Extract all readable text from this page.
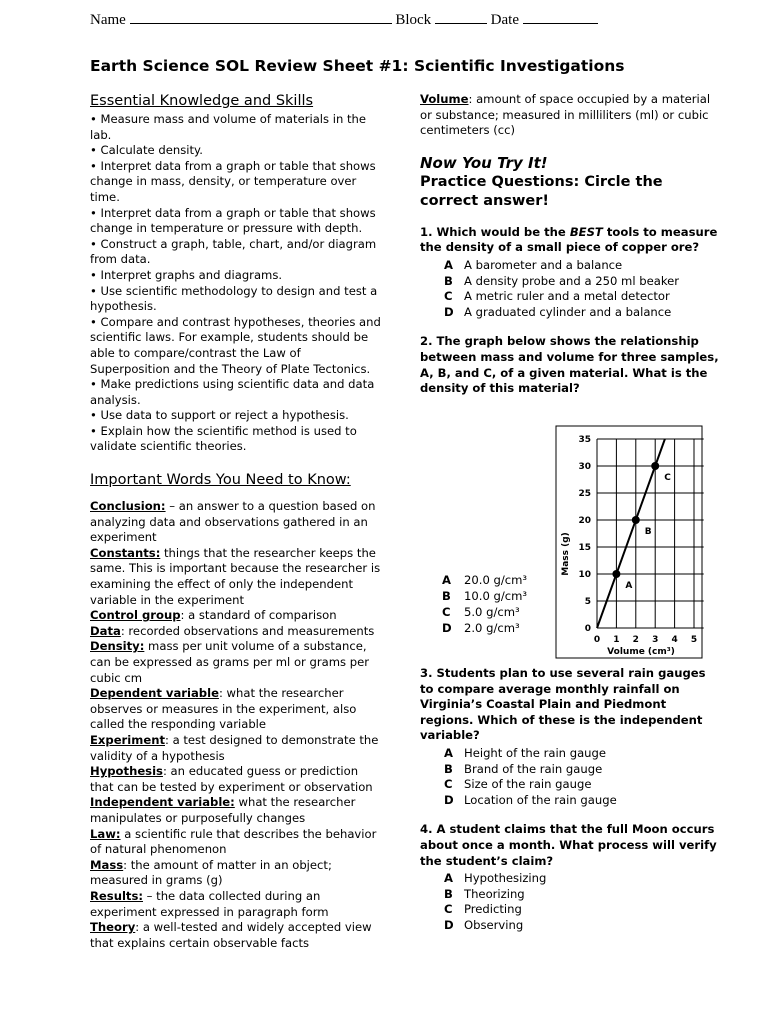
Name	Block	Date
Earth Science SOL Review Sheet #1: Scientific Investigations
Essential Knowledge and Skills

• Measure mass and volume of materials in the lab.

• Calculate density.

• Interpret data from a graph or table that shows change in mass, density, or temperature over time.

• Interpret data from a graph or table that shows change in temperature or pressure with depth.

• Construct a graph, table, chart, and/or diagram from data.

• Interpret graphs and diagrams.

• Use scientific methodology to design and test a hypothesis.

• Compare and contrast hypotheses, theories and scientific laws. For example, students should be able to compare/contrast the Law of Superposition and the Theory of Plate Tectonics.

• Make predictions using scientific data and data analysis.

• Use data to support or reject a hypothesis.

• Explain how the scientific method is used to validate scientific theories.

Important Words You Need to Know:

Conclusion: – an answer to a question based on analyzing data and observations gathered in an experiment

Constants: things that the researcher keeps the same. This is important because the researcher is examining the effect of only the independent variable in the experiment

Control group: a standard of comparison

Data: recorded observations and measurements

Density: mass per unit volume of a substance, can be expressed as grams per ml or grams per cubic cm

Dependent variable: what the researcher observes or measures in the experiment, also called the responding variable

Experiment: a test designed to demonstrate the validity of a hypothesis

Hypothesis: an educated guess or prediction that can be tested by experiment or observation

Independent variable: what the researcher manipulates or purposefully changes

Law: a scientific rule that describes the behavior of natural phenomenon

Mass: the amount of matter in an object; measured in grams (g)

Results: – the data collected during an experiment expressed in paragraph form

Theory: a well-tested and widely accepted view that explains certain observable facts

Volume: amount of space occupied by a material or substance; measured in milliliters (ml) or cubic centimeters (cc)

Now You Try It!

Practice Questions: Circle the correct answer!

1. Which would be the BEST tools to measure the density of a small piece of copper ore?

A A barometer and a balance
B A density probe and a 250 ml beaker
C A metric ruler and a metal detector
D A graduated cylinder and a balance

2. The graph below shows the relationship between mass and volume for three samples, A, B, and C, of a given material. What is the density of this material?

A 20.0 g/cm³
B 10.0 g/cm³
C 5.0 g/cm³
D 2.0 g/cm³	0
5
10
15
20
25
30
35
0 1 2 3 4 5
A
B
C
Mass (g)
Volume (cm³)

3. Students plan to use several rain gauges to compare average monthly rainfall on Virginia’s Coastal Plain and Piedmont regions. Which of these is the independent variable?

A Height of the rain gauge
B Brand of the rain gauge
C Size of the rain gauge
D Location of the rain gauge

4. A student claims that the full Moon occurs about once a month. What process will verify the student’s claim?

A Hypothesizing
B Theorizing
C Predicting
D Observing
